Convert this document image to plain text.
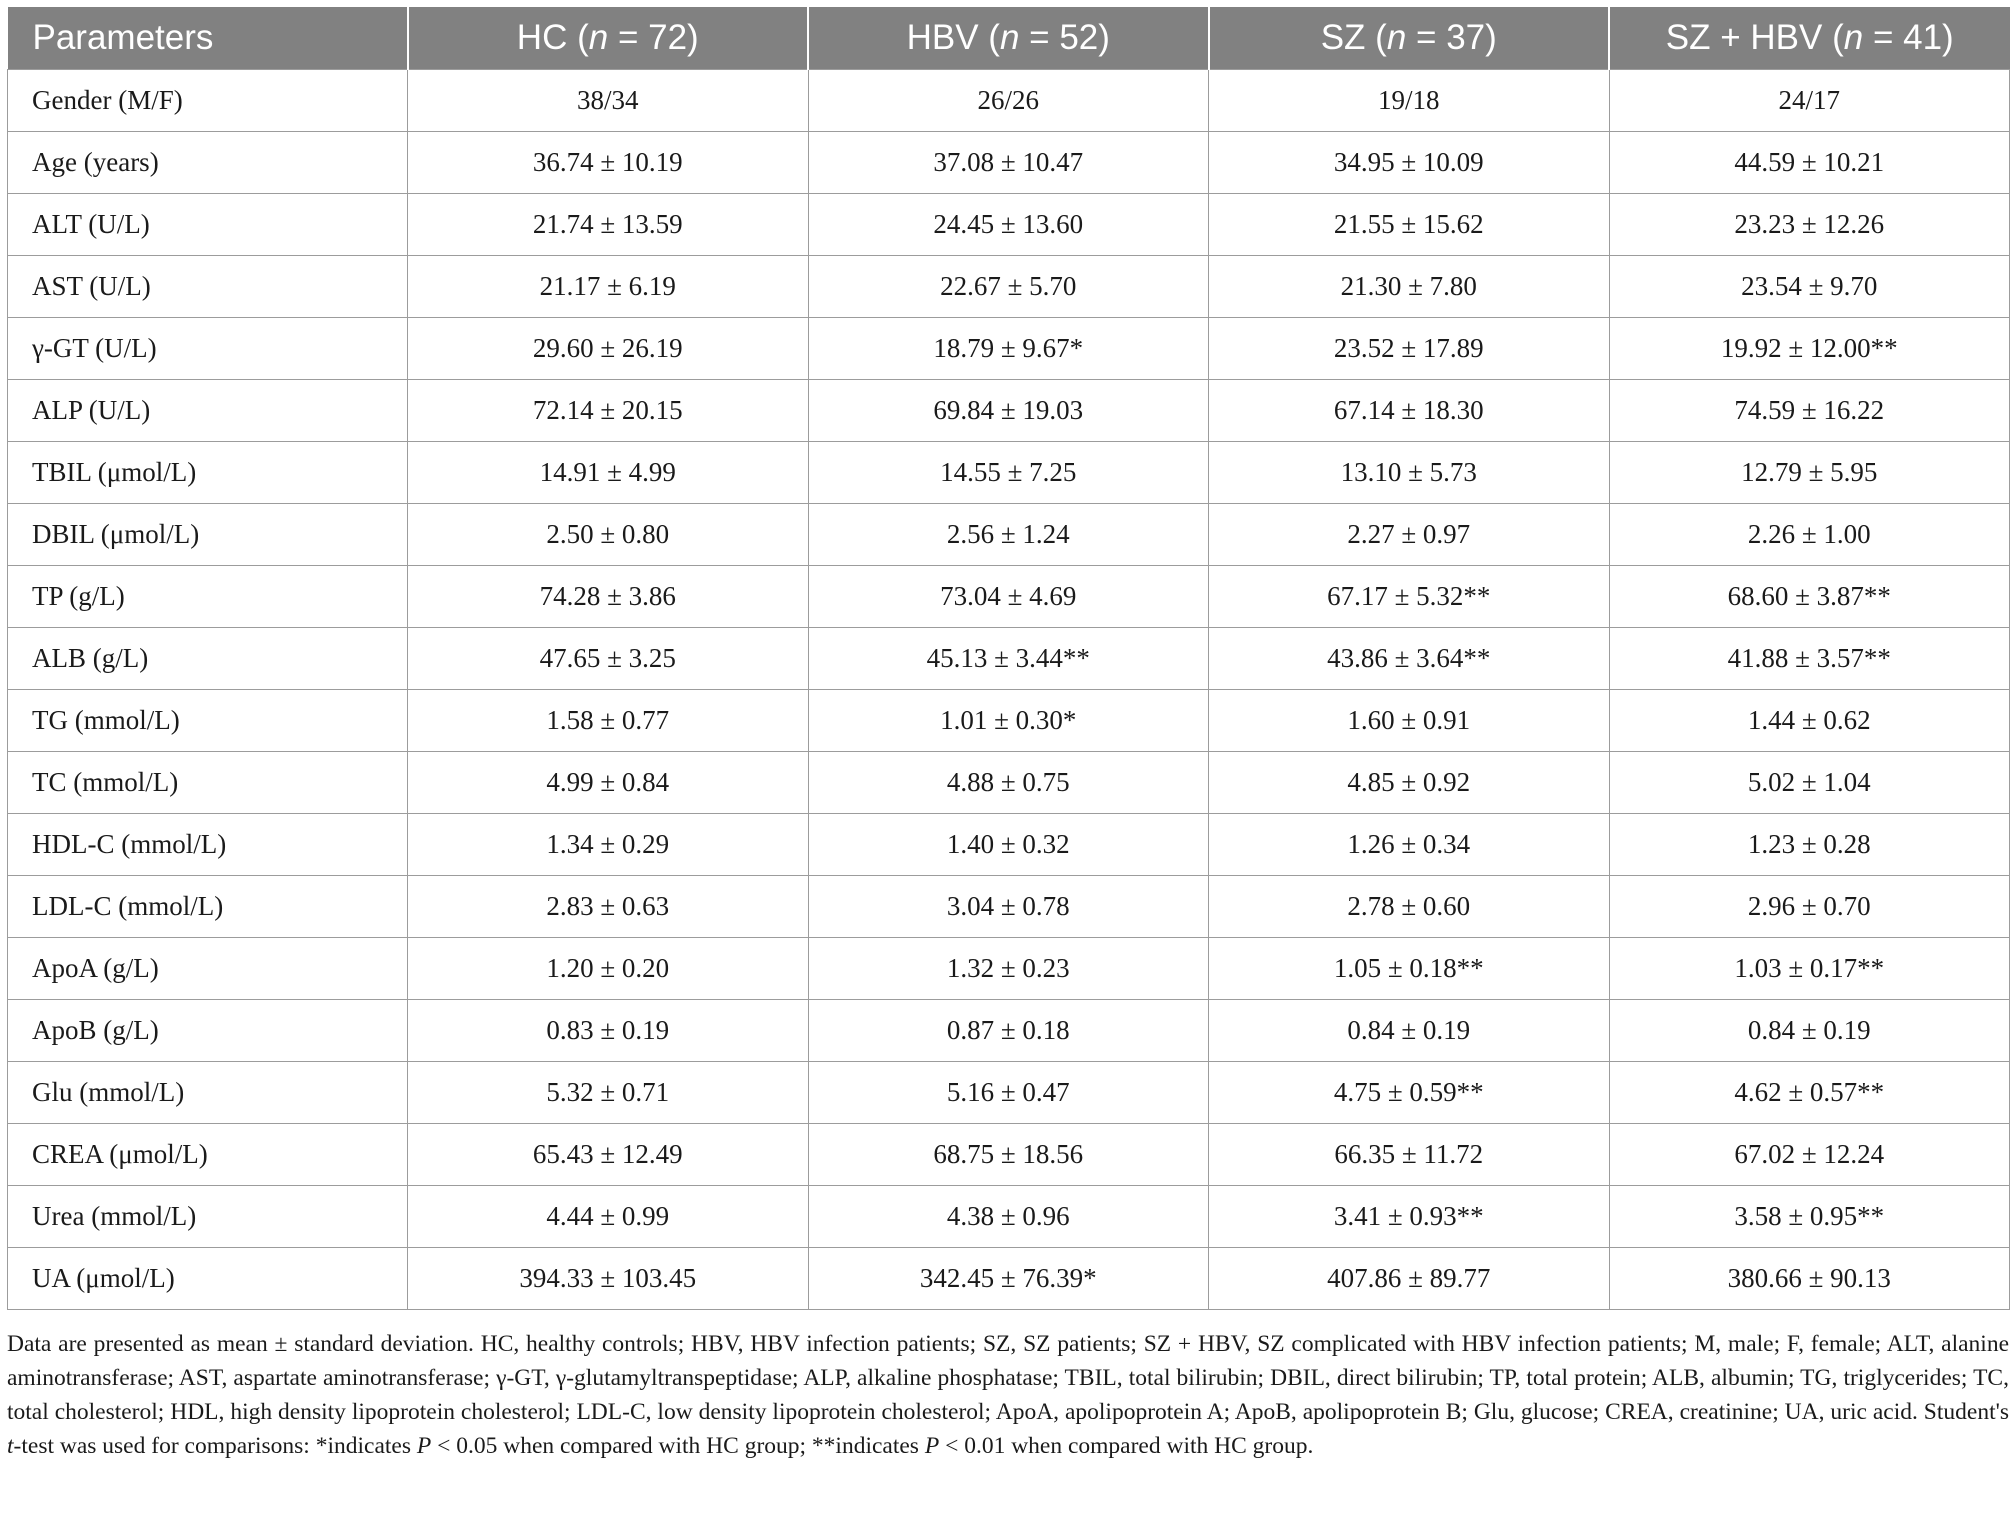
Parameters	HC (n = 72)	HBV (n = 52)	SZ (n = 37)	SZ + HBV (n = 41)
Gender (M/F)	38/34	26/26	19/18	24/17
Age (years)	36.74 ± 10.19	37.08 ± 10.47	34.95 ± 10.09	44.59 ± 10.21
ALT (U/L)	21.74 ± 13.59	24.45 ± 13.60	21.55 ± 15.62	23.23 ± 12.26
AST (U/L)	21.17 ± 6.19	22.67 ± 5.70	21.30 ± 7.80	23.54 ± 9.70
γ-GT (U/L)	29.60 ± 26.19	18.79 ± 9.67*	23.52 ± 17.89	19.92 ± 12.00**
ALP (U/L)	72.14 ± 20.15	69.84 ± 19.03	67.14 ± 18.30	74.59 ± 16.22
TBIL (μmol/L)	14.91 ± 4.99	14.55 ± 7.25	13.10 ± 5.73	12.79 ± 5.95
DBIL (μmol/L)	2.50 ± 0.80	2.56 ± 1.24	2.27 ± 0.97	2.26 ± 1.00
TP (g/L)	74.28 ± 3.86	73.04 ± 4.69	67.17 ± 5.32**	68.60 ± 3.87**
ALB (g/L)	47.65 ± 3.25	45.13 ± 3.44**	43.86 ± 3.64**	41.88 ± 3.57**
TG (mmol/L)	1.58 ± 0.77	1.01 ± 0.30*	1.60 ± 0.91	1.44 ± 0.62
TC (mmol/L)	4.99 ± 0.84	4.88 ± 0.75	4.85 ± 0.92	5.02 ± 1.04
HDL-C (mmol/L)	1.34 ± 0.29	1.40 ± 0.32	1.26 ± 0.34	1.23 ± 0.28
LDL-C (mmol/L)	2.83 ± 0.63	3.04 ± 0.78	2.78 ± 0.60	2.96 ± 0.70
ApoA (g/L)	1.20 ± 0.20	1.32 ± 0.23	1.05 ± 0.18**	1.03 ± 0.17**
ApoB (g/L)	0.83 ± 0.19	0.87 ± 0.18	0.84 ± 0.19	0.84 ± 0.19
Glu (mmol/L)	5.32 ± 0.71	5.16 ± 0.47	4.75 ± 0.59**	4.62 ± 0.57**
CREA (μmol/L)	65.43 ± 12.49	68.75 ± 18.56	66.35 ± 11.72	67.02 ± 12.24
Urea (mmol/L)	4.44 ± 0.99	4.38 ± 0.96	3.41 ± 0.93**	3.58 ± 0.95**
UA (μmol/L)	394.33 ± 103.45	342.45 ± 76.39*	407.86 ± 89.77	380.66 ± 90.13
Data are presented as mean ± standard deviation. HC, healthy controls; HBV, HBV infection patients; SZ, SZ patients; SZ + HBV, SZ complicated with HBV infection patients; M, male; F, female; ALT, alanine aminotransferase; AST, aspartate aminotransferase; γ-GT, γ-glutamyltranspeptidase; ALP, alkaline phosphatase; TBIL, total bilirubin; DBIL, direct bilirubin; TP, total protein; ALB, albumin; TG, triglycerides; TC, total cholesterol; HDL, high density lipoprotein cholesterol; LDL-C, low density lipoprotein cholesterol; ApoA, apolipoprotein A; ApoB, apolipoprotein B; Glu, glucose; CREA, creatinine; UA, uric acid. Student's t-test was used for comparisons: *indicates P < 0.05 when compared with HC group; **indicates P < 0.01 when compared with HC group.
